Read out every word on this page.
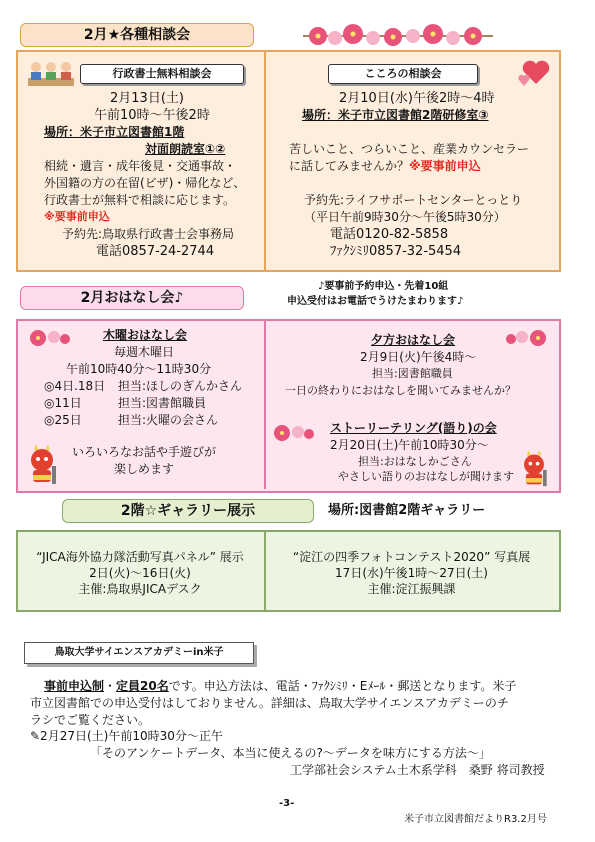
2月★各種相談会
行政書士無料相談会
2月13日(土)
午前10時～午後2時
場所：米子市立図書館1階
対面朗読室①②
相続・遺言・成年後見・交通事故・
外国籍の方の在留(ビザ)・帰化など、
行政書士が無料で相談に応じます。
※要事前申込
予約先:鳥取県行政書士会事務局
電話0857-24-2744
こころの相談会
2月10日(水)午後2時～4時
場所：米子市立図書館2階研修室③
苦しいこと、つらいこと、産業カウンセラー
に話してみませんか？※要事前申込
予約先:ライフサポートセンターとっとり
（平日午前9時30分～午後5時30分）
電話0120-82-5858
ﾌｧｸｼﾐﾘ0857-32-5454
2月おはなし会♪
♪要事前予約申込・先着10組
申込受付はお電話でうけたまわります♪
木曜おはなし会
毎週木曜日
午前10時40分～11時30分
◎4日.18日 担当:ほしのぎんかさん
◎11日	担当:図書館職員
◎25日	担当:火曜の会さん
いろいろなお話や手遊びが
楽しめます
夕方おはなし会
2月9日(火)午後4時～
担当:図書館職員
一日の終わりにおはなしを聞いてみませんか？
ストーリーテリング(語り)の会
2月20日(土)午前10時30分～
担当:おはなしかごさん
やさしい語りのおはなしが聞けます
2階☆ギャラリー展示	場所:図書館2階ギャラリー
“JICA海外協力隊活動写真パネル” 展示
2日(火)～16日(火)
主催:鳥取県JICAデスク
“淀江の四季フォトコンテスト2020” 写真展
17日(水)午後1時～27日(土)
主催:淀江振興課
鳥取大学サイエンスアカデミーin米子
事前申込制・定員20名です。申込方法は、電話・ﾌｧｸｼﾐﾘ・Eﾒｰﾙ・郵送となります。米子
市立図書館での申込受付はしておりません。詳細は、鳥取大学サイエンスアカデミーのチ
ラシでご覧ください。
✎2月27日(土)午前10時30分～正午
「そのアンケートデータ、本当に使えるの?～データを味方にする方法～」
工学部社会システム土木系学科　桑野 将司教授
-3-
米子市立図書館だよりR3.2月号
